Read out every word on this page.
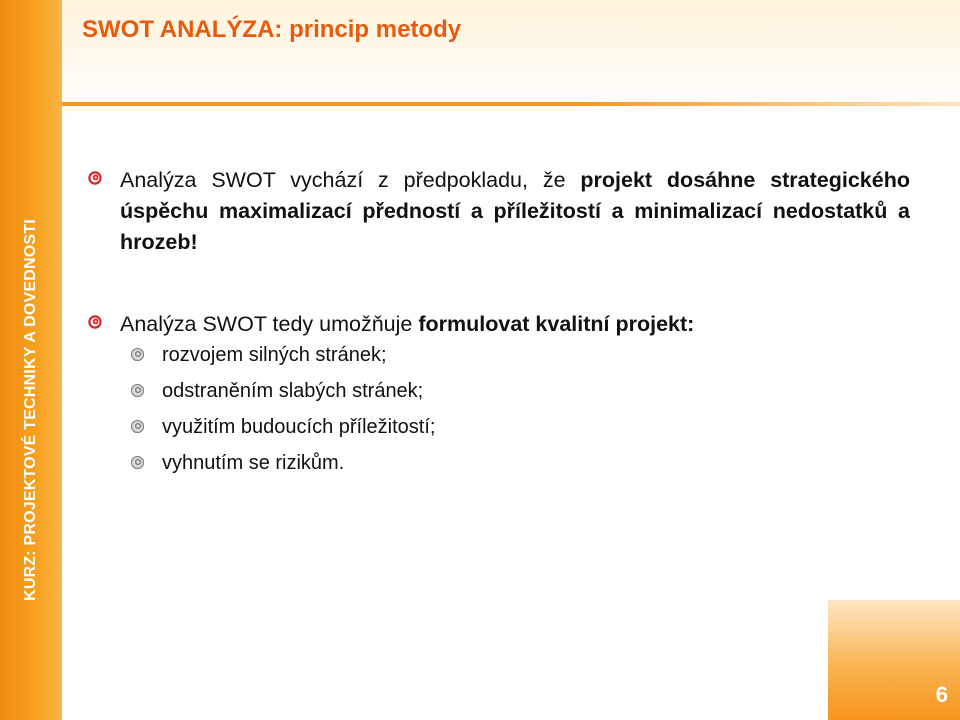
KURZ: PROJEKTOVÉ TECHNIKY A DOVEDNOSTI
SWOT ANALÝZA: princip metody
Analýza SWOT vychází z předpokladu, že projekt dosáhne strategického úspěchu maximalizací předností a příležitostí a minimalizací nedostatků a hrozeb!
Analýza SWOT tedy umožňuje formulovat kvalitní projekt:
rozvojem silných stránek;
odstraněním slabých stránek;
využitím budoucích příležitostí;
vyhnutím se rizikům.
6
